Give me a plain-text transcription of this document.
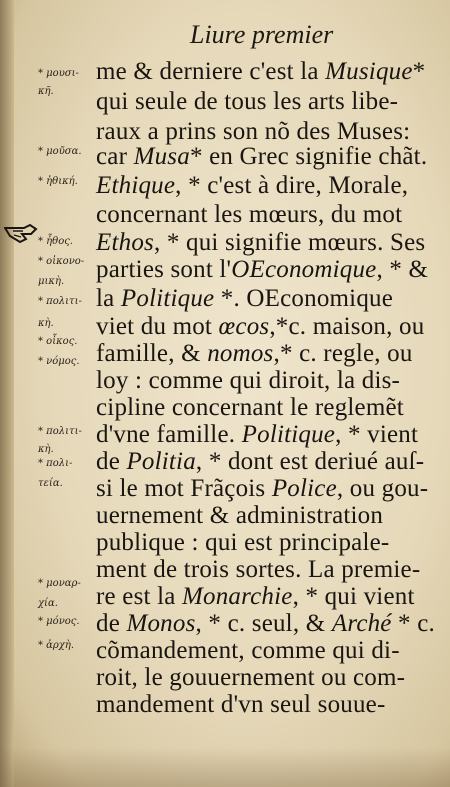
Liure premier
* μουσι-
κῆ.
* μοῦσα.
* ἠθική.
* ἦθος.
* οἰκονο-
μικὴ.
* πολιτι-
κὴ.
* οἶκος.
* νόμος.
* πολιτι-
κὴ.
* πολι-
τεία.
* μοναρ-
χία.
* μόνος.
* ἀρχὴ.
me & derniere c'est la Musique*
qui seule de tous les arts libe-
raux a prins son nõ des Muses:
car Musa* en Grec signifie chãt.
Ethique, * c'est à dire, Morale,
concernant les mœurs, du mot
Ethos, * qui signifie mœurs. Ses
parties sont l'OEconomique, * &
la Politique *. OEconomique
viet du mot œcos,*c. maison, ou
famille, & nomos,* c. regle, ou
loy : comme qui diroit, la dis-
cipline concernant le reglemẽt
d'vne famille. Politique, * vient
de Politia, * dont est deriué auſ-
si le mot Frãçois Police, ou gou-
uernement & administration
publique : qui est principale-
ment de trois sortes. La premie-
re est la Monarchie, * qui vient
de Monos, * c. seul, & Arché * c.
cõmandement, comme qui di-
roit, le gouuernement ou com-
mandement d'vn seul souue-
